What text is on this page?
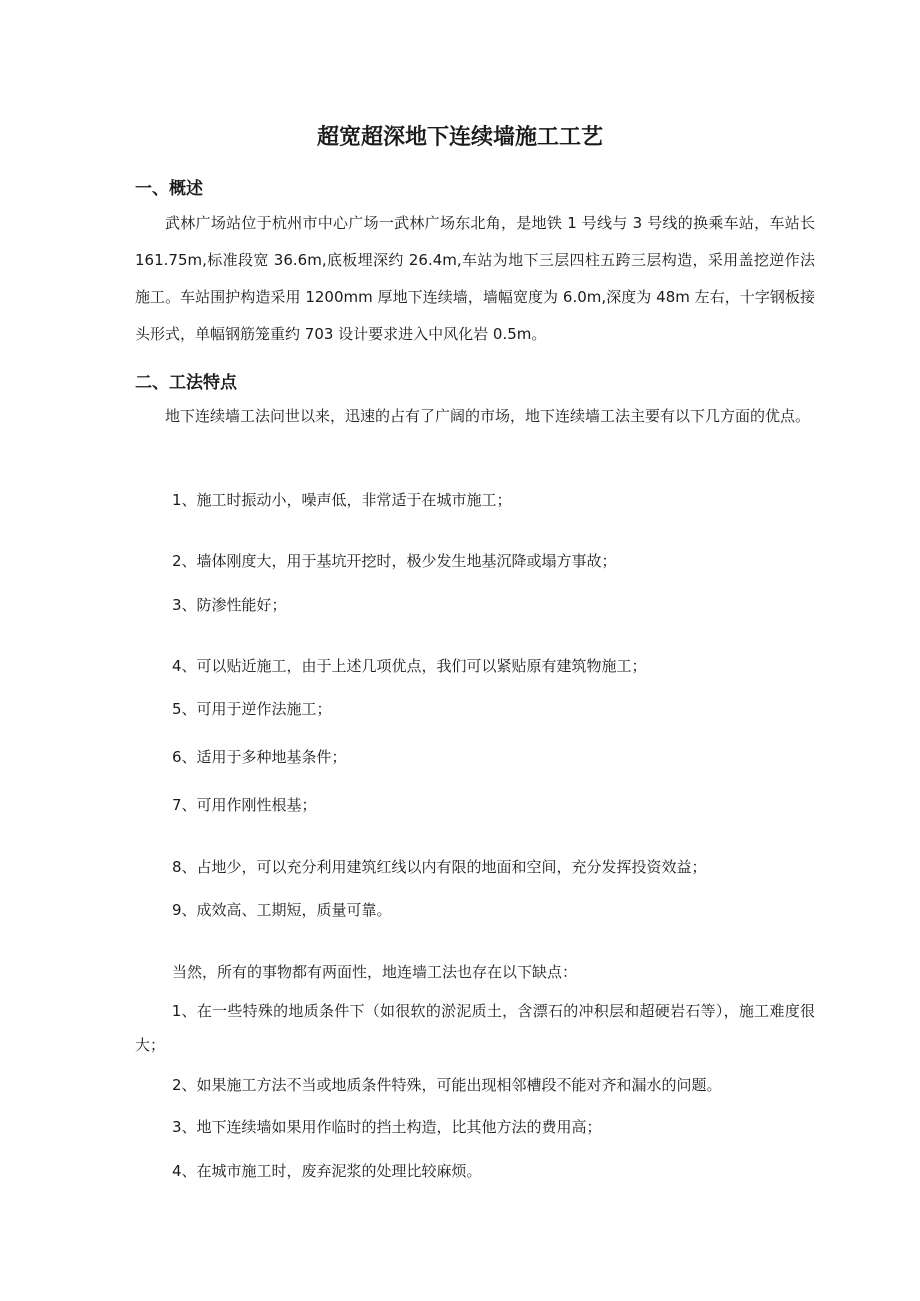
超宽超深地下连续墙施工工艺
一、概述
武林广场站位于杭州市中心广场一武林广场东北角，是地铁 1 号线与 3 号线的换乘车站，车站长 161.75m,标准段宽 36.6m,底板埋深约 26.4m,车站为地下三层四柱五跨三层构造，采用盖挖逆作法施工。车站围护构造采用 1200mm 厚地下连续墙，墙幅宽度为 6.0m,深度为 48m 左右，十字钢板接头形式，单幅钢筋笼重约 703 设计要求进入中风化岩 0.5m。
二、工法特点
地下连续墙工法问世以来，迅速的占有了广阔的市场，地下连续墙工法主要有以下几方面的优点。
1、施工时振动小，噪声低，非常适于在城市施工；
2、墙体刚度大，用于基坑开挖时，极少发生地基沉降或塌方事故；
3、防渗性能好；
4、可以贴近施工，由于上述几项优点，我们可以紧贴原有建筑物施工；
5、可用于逆作法施工；
6、适用于多种地基条件；
7、可用作刚性根基；
8、占地少，可以充分利用建筑红线以内有限的地面和空间，充分发挥投资效益；
9、成效高、工期短，质量可靠。
当然，所有的事物都有两面性，地连墙工法也存在以下缺点：
1、在一些特殊的地质条件下（如很软的淤泥质土，含漂石的冲积层和超硬岩石等），施工难度很大；
2、如果施工方法不当或地质条件特殊，可能出现相邻槽段不能对齐和漏水的问题。
3、地下连续墙如果用作临时的挡土构造，比其他方法的费用高；
4、在城市施工时，废弃泥浆的处理比较麻烦。
